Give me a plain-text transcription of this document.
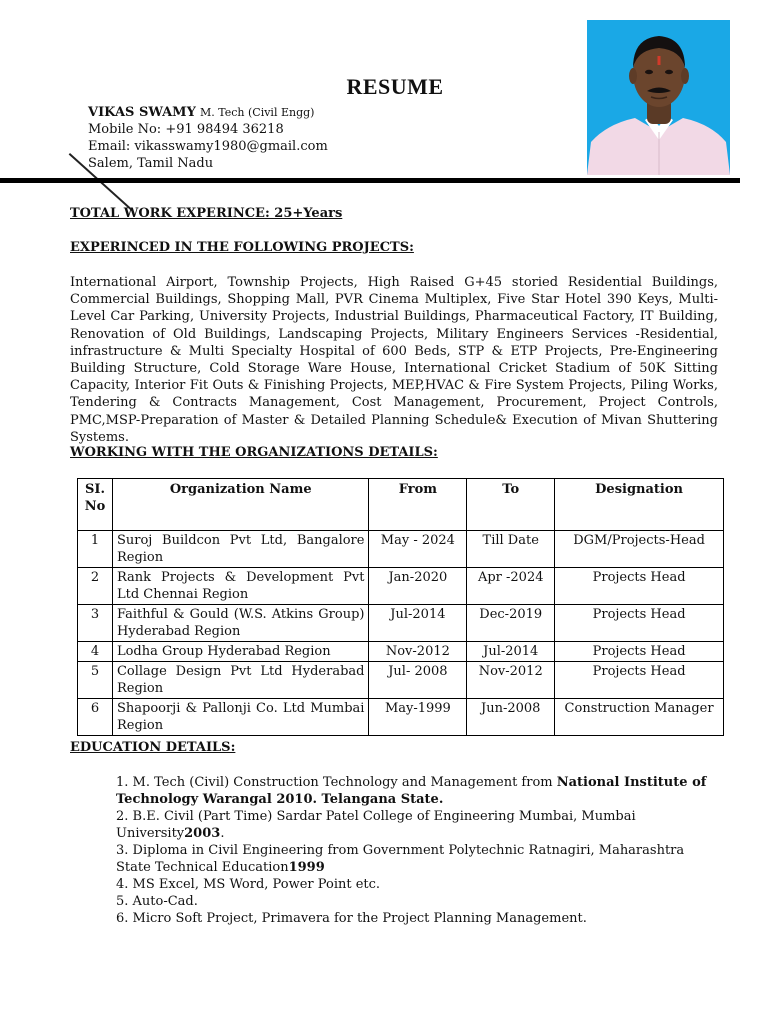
RESUME
VIKAS SWAMY M. Tech (Civil Engg)
Mobile No: +91 98494 36218
Email: vikasswamy1980@gmail.com
Salem, Tamil Nadu
TOTAL WORK EXPERINCE: 25+Years
EXPERINCED IN THE FOLLOWING PROJECTS:
International Airport, Township Projects, High Raised G+45 storied Residential Buildings, Commercial Buildings, Shopping Mall, PVR Cinema Multiplex, Five Star Hotel 390 Keys, Multi-Level Car Parking, University Projects, Industrial Buildings, Pharmaceutical Factory, IT Building, Renovation of Old Buildings, Landscaping Projects, Military Engineers Services -Residential, infrastructure & Multi Specialty Hospital of 600 Beds, STP & ETP Projects, Pre-Engineering Building Structure, Cold Storage Ware House, International Cricket Stadium of 50K Sitting Capacity, Interior Fit Outs & Finishing Projects, MEP,HVAC & Fire System Projects, Piling Works, Tendering & Contracts Management, Cost Management, Procurement, Project Controls, PMC,MSP-Preparation of Master & Detailed Planning Schedule& Execution of Mivan Shuttering Systems.
WORKING WITH THE ORGANIZATIONS DETAILS:
SI. No	Organization Name	From	To	Designation
1	Suroj Buildcon Pvt Ltd, Bangalore Region	May - 2024	Till Date	DGM/Projects-Head
2	Rank Projects & Development Pvt Ltd Chennai Region	Jan-2020	Apr -2024	Projects Head
3	Faithful & Gould (W.S. Atkins Group) Hyderabad Region	Jul-2014	Dec-2019	Projects Head
4	Lodha Group Hyderabad Region	Nov-2012	Jul-2014	Projects Head
5	Collage Design Pvt Ltd Hyderabad Region	Jul- 2008	Nov-2012	Projects Head
6	Shapoorji & Pallonji Co. Ltd Mumbai Region	May-1999	Jun-2008	Construction Manager
EDUCATION DETAILS:
1. M. Tech (Civil) Construction Technology and Management from National Institute of Technology Warangal 2010. Telangana State.
2. B.E. Civil (Part Time) Sardar Patel College of Engineering Mumbai, Mumbai University2003.
3. Diploma in Civil Engineering from Government Polytechnic Ratnagiri, Maharashtra State Technical Education1999
4. MS Excel, MS Word, Power Point etc.
5. Auto-Cad.
6. Micro Soft Project, Primavera for the Project Planning Management.
